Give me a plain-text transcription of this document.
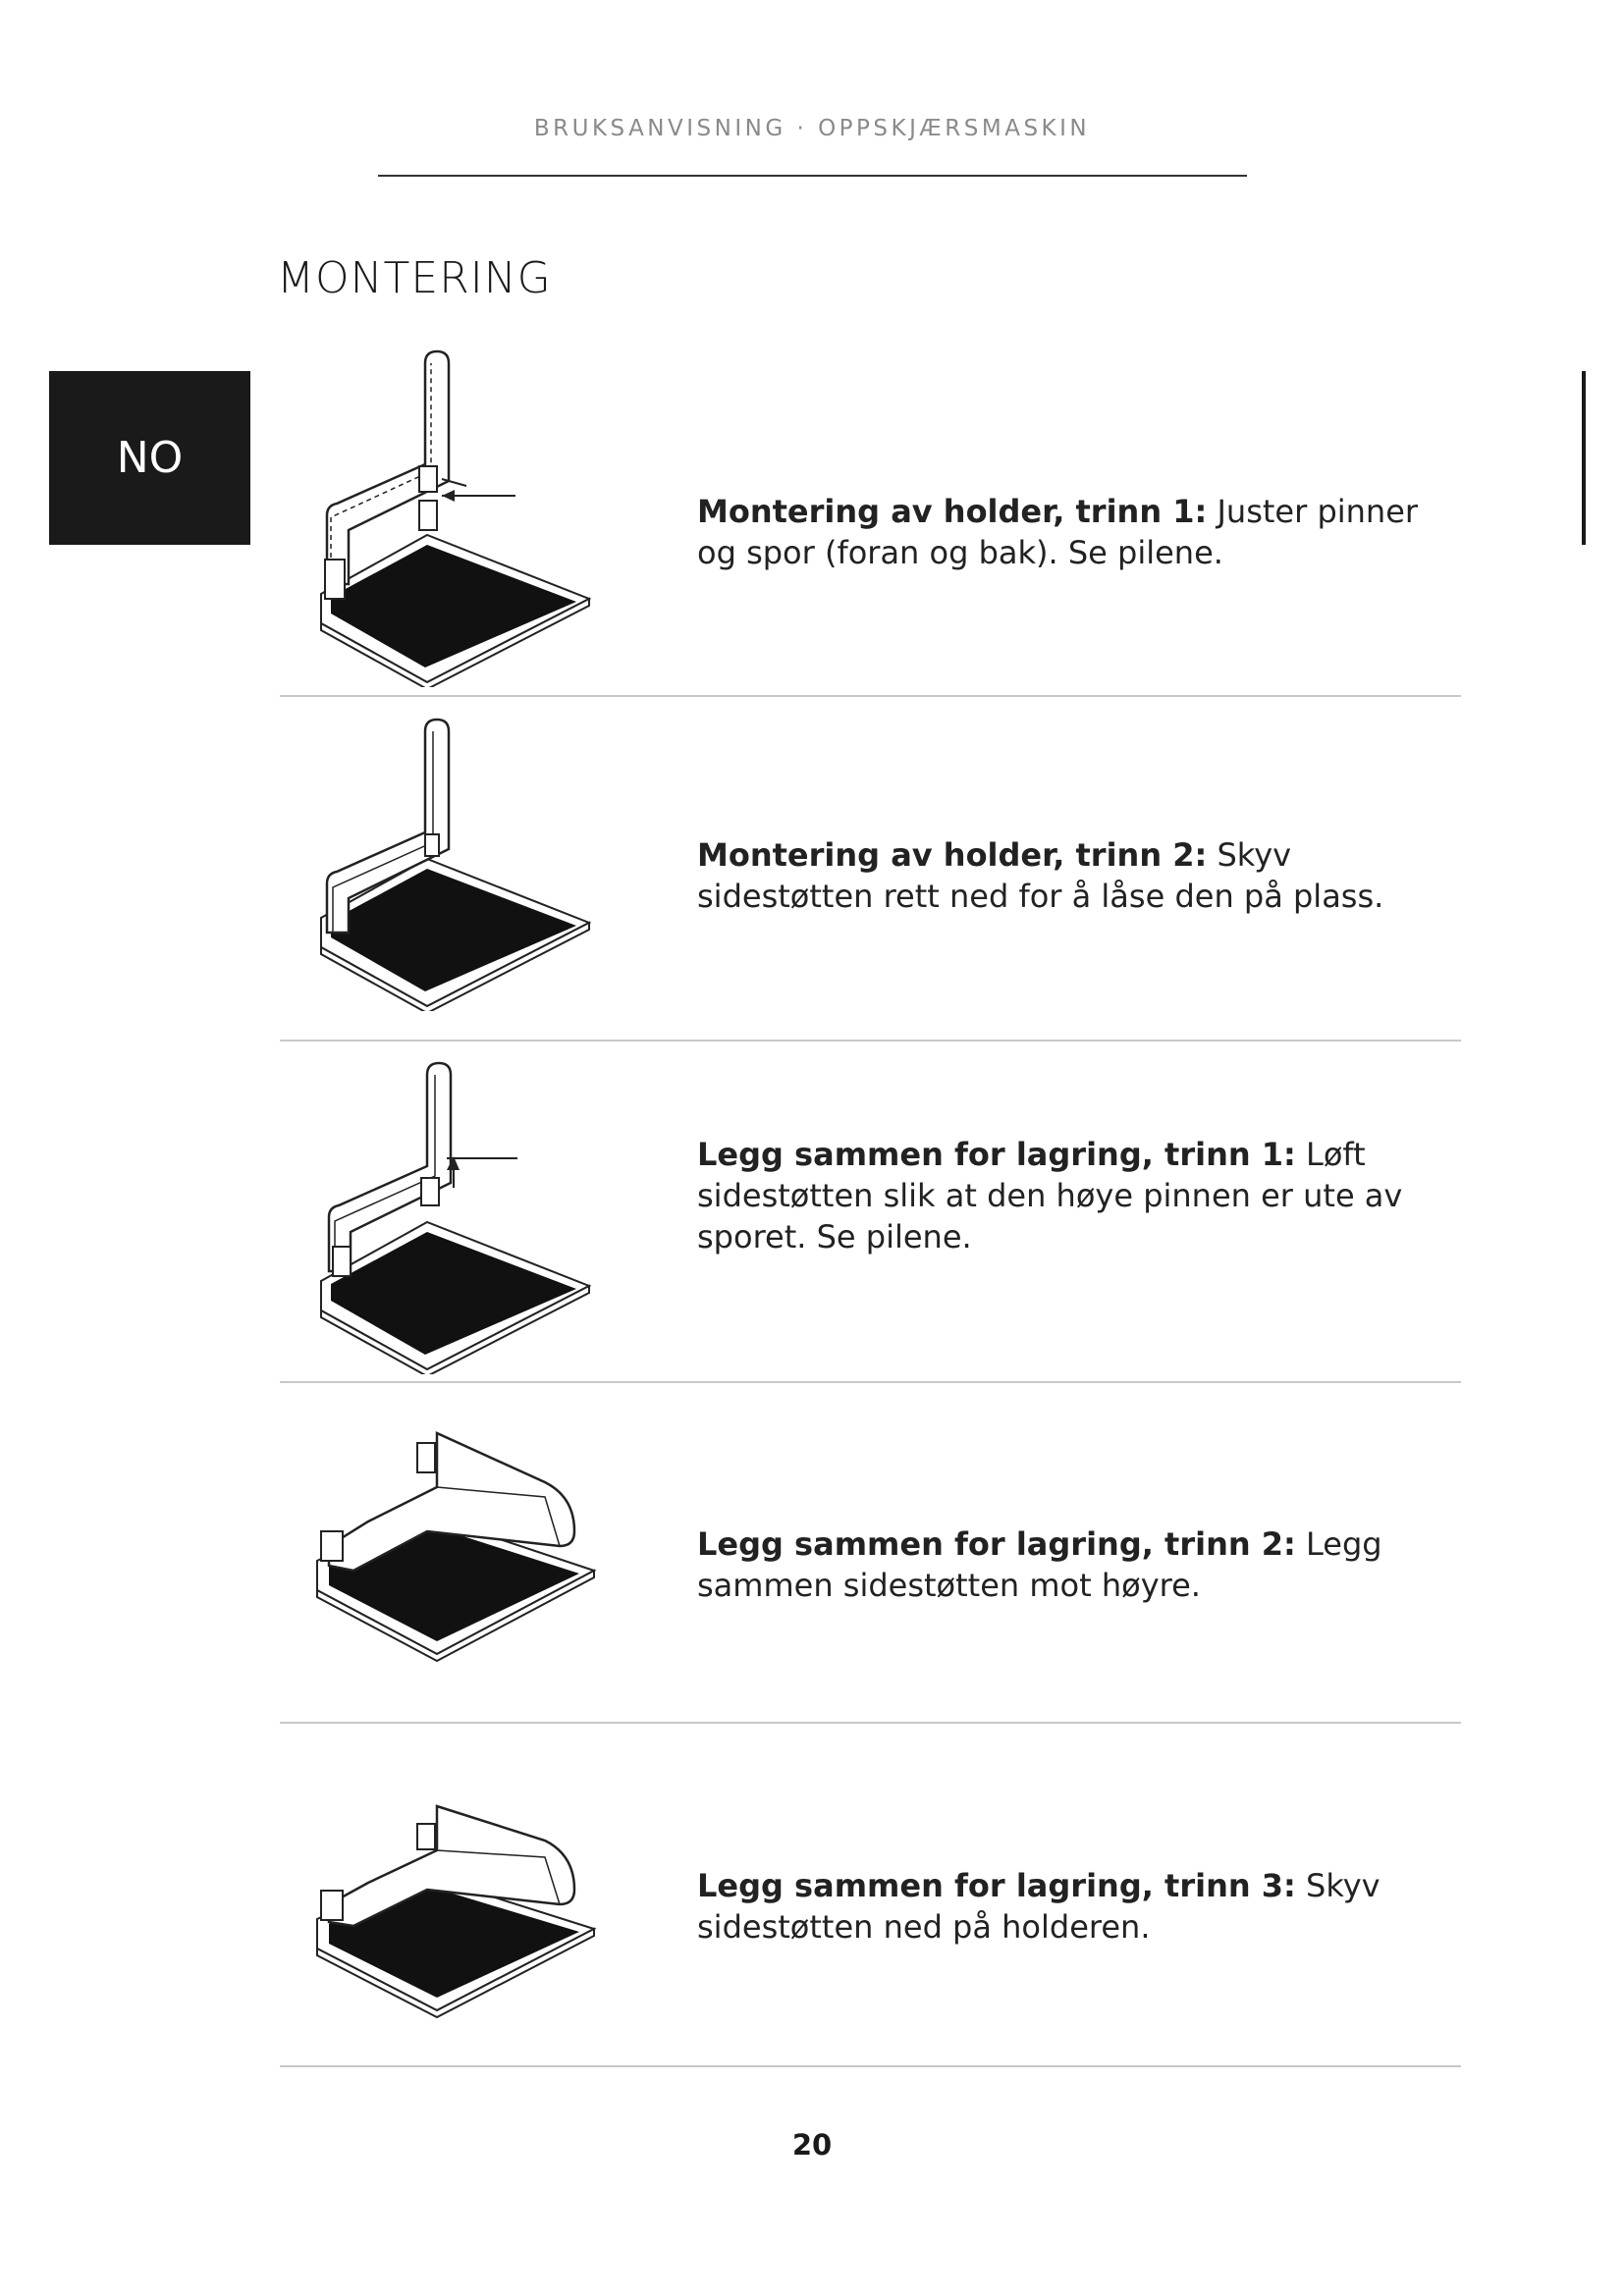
BRUKSANVISNING · OPPSKJÆRSMASKIN
MONTERING
NO
Montering av holder, trinn 1: Juster pinner og spor (foran og bak). Se pilene.
Montering av holder, trinn 2: Skyv sidestøtten rett ned for å låse den på plass.
Legg sammen for lagring, trinn 1: Løft sidestøtten slik at den høye pinnen er ute av sporet. Se pilene.
Legg sammen for lagring, trinn 2: Legg sammen sidestøtten mot høyre.
Legg sammen for lagring, trinn 3: Skyv sidestøtten ned på holderen.
20
